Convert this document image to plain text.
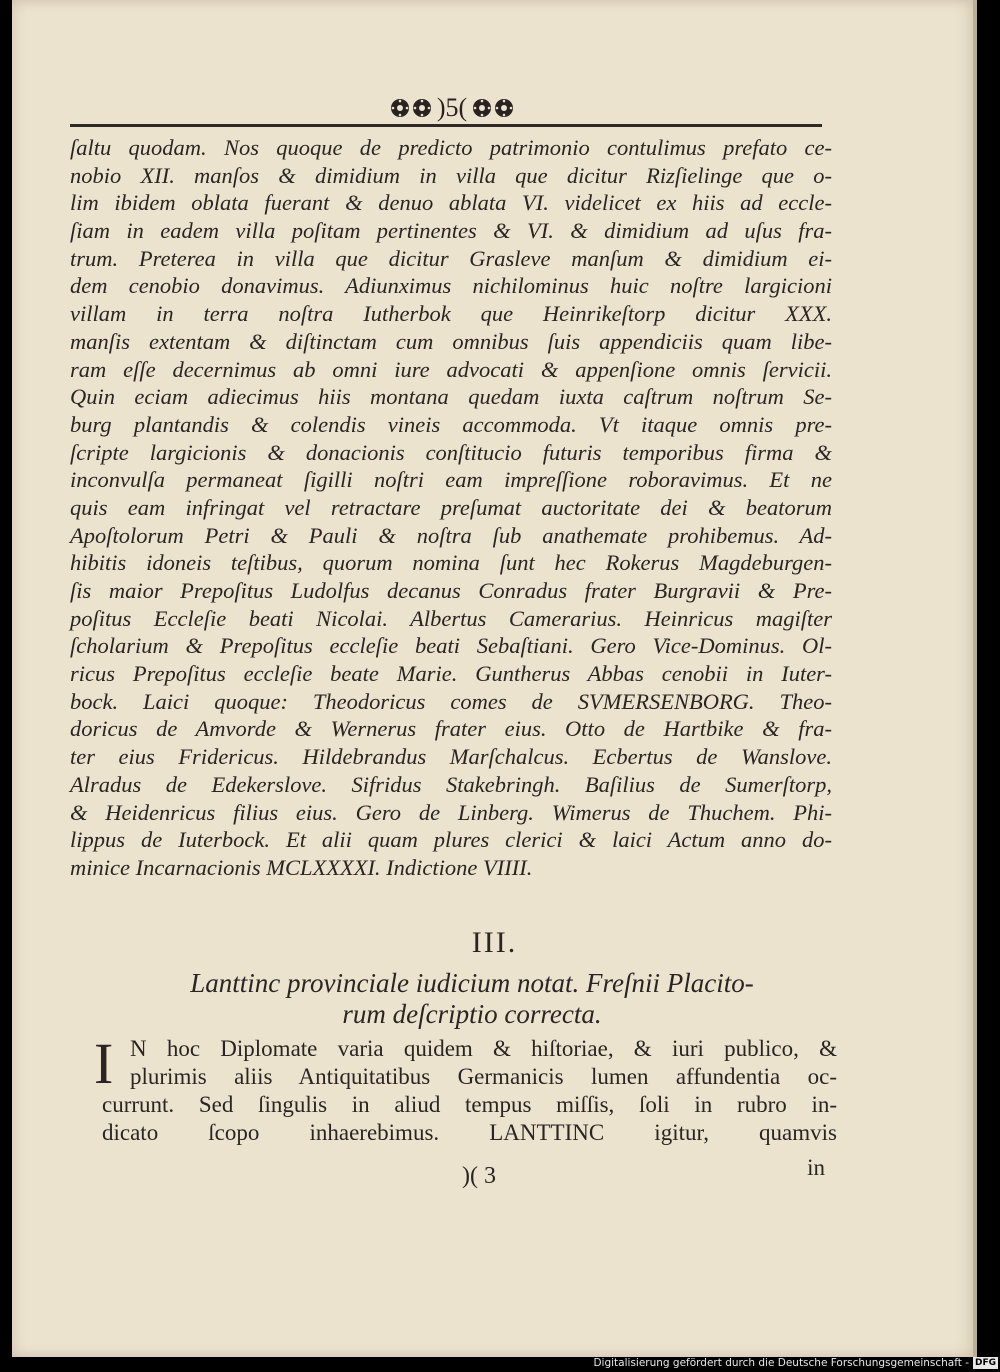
)5(
ſaltu quodam. Nos quoque de predicto patrimonio contulimus prefato ce-
nobio XII. manſos & dimidium in villa que dicitur Rizſielinge que o-
lim ibidem oblata fuerant & denuo ablata VI. videlicet ex hiis ad eccle-
ſiam in eadem villa poſitam pertinentes & VI. & dimidium ad uſus fra-
trum. Preterea in villa que dicitur Grasleve manſum & dimidium ei-
dem cenobio donavimus. Adiunximus nichilominus huic noſtre largicioni
villam in terra noſtra Iutherbok que Heinrikeſtorp dicitur XXX.
manſis extentam & diſtinctam cum omnibus ſuis appendiciis quam libe-
ram eſſe decernimus ab omni iure advocati & appenſione omnis ſervicii.
Quin eciam adiecimus hiis montana quedam iuxta caſtrum noſtrum Se-
burg plantandis & colendis vineis accommoda. Vt itaque omnis pre-
ſcripte largicionis & donacionis conſtitucio futuris temporibus firma &
inconvulſa permaneat ſigilli noſtri eam impreſſione roboravimus. Et ne
quis eam infringat vel retractare preſumat auctoritate dei & beatorum
Apoſtolorum Petri & Pauli & noſtra ſub anathemate prohibemus. Ad-
hibitis idoneis teſtibus, quorum nomina ſunt hec Rokerus Magdeburgen-
ſis maior Prepoſitus Ludolfus decanus Conradus frater Burgravii & Pre-
poſitus Eccleſie beati Nicolai. Albertus Camerarius. Heinricus magiſter
ſcholarium & Prepoſitus eccleſie beati Sebaſtiani. Gero Vice-Dominus. Ol-
ricus Prepoſitus eccleſie beate Marie. Guntherus Abbas cenobii in Iuter-
bock. Laici quoque: Theodoricus comes de SVMERSENBORG. Theo-
doricus de Amvorde & Wernerus frater eius. Otto de Hartbike & fra-
ter eius Fridericus. Hildebrandus Marſchalcus. Ecbertus de Wanslove.
Alradus de Edekerslove. Sifridus Stakebringh. Baſilius de Sumerſtorp,
& Heidenricus filius eius. Gero de Linberg. Wimerus de Thuchem. Phi-
lippus de Iuterbock. Et alii quam plures clerici & laici Actum anno do-
minice Incarnacionis MCLXXXXI. Indictione VIIII.
III.
Lanttinc provinciale iudicium notat. Freſnii Placito-
rum deſcriptio correcta.
I N hoc Diplomate varia quidem & hiſtoriae, & iuri publico, &
plurimis aliis Antiquitatibus Germanicis lumen affundentia oc-
currunt. Sed ſingulis in aliud tempus miſſis, ſoli in rubro in-
dicato ſcopo inhaerebimus. LANTTINC igitur, quamvis
)( 3	in
Digitalisierung gefördert durch die Deutsche Forschungsgemeinschaft - DFG
